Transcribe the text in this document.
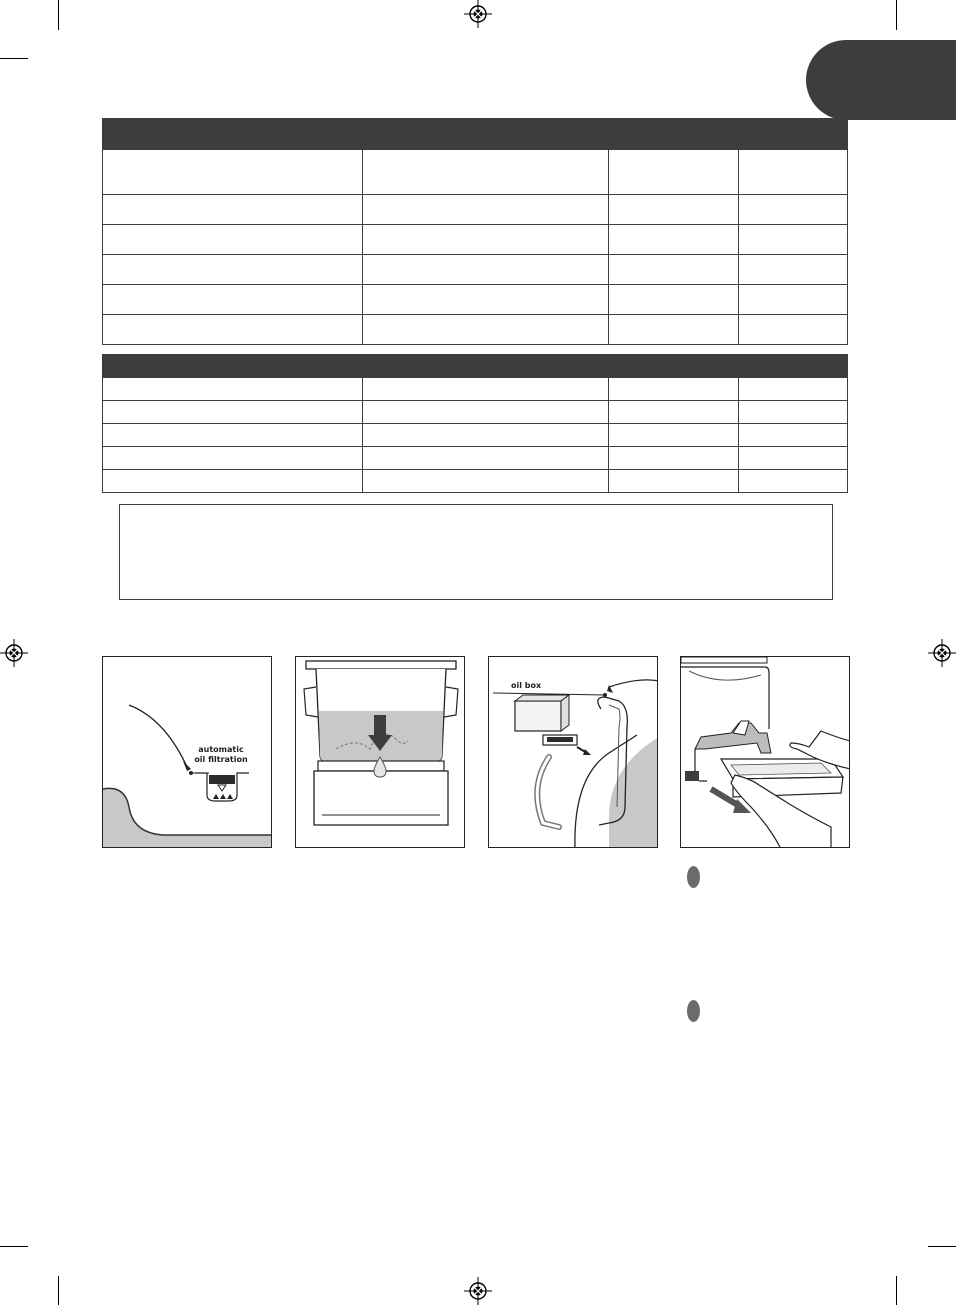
automatic
oil filtration
oil box
